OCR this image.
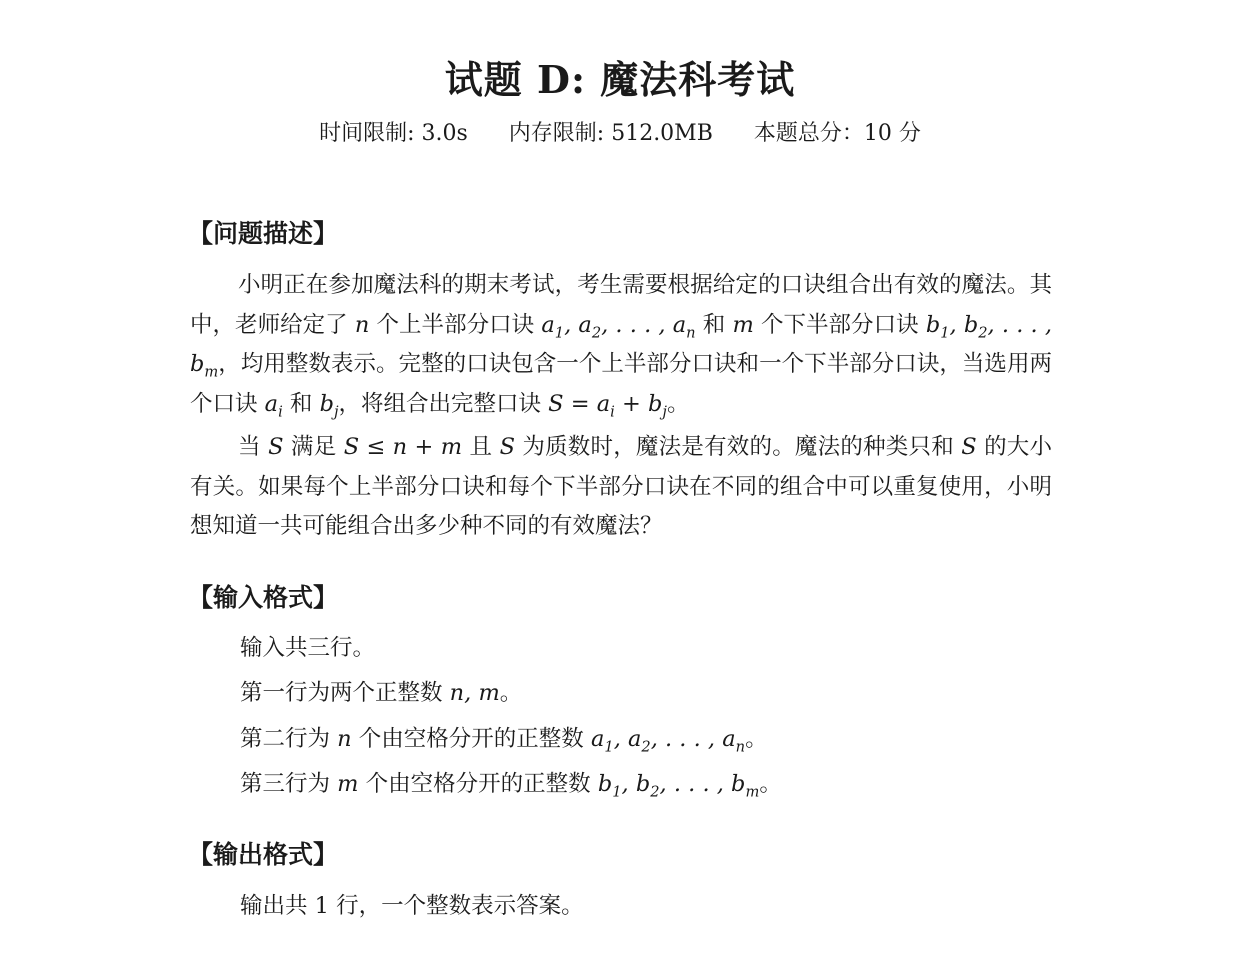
试题 D: 魔法科考试
时间限制: 3.0s 内存限制: 512.0MB 本题总分：10 分
【问题描述】
小明正在参加魔法科的期末考试，考生需要根据给定的口诀组合出有效的魔法。其中，老师给定了 n 个上半部分口诀 $a_1$, $a_2$, . . . , $a_n$ 和 m 个下半部分口诀 $b_1$, $b_2$, . . . , $b_m$，均用整数表示。完整的口诀包含一个上半部分口诀和一个下半部分口诀，当选用两个口诀 $a_i$ 和 $b_j$，将组合出完整口诀 $S = a_i + b_j$。
当 S 满足 S ≤ n + m 且 S 为质数时，魔法是有效的。魔法的种类只和 S 的大小有关。如果每个上半部分口诀和每个下半部分口诀在不同的组合中可以重复使用，小明想知道一共可能组合出多少种不同的有效魔法？
【输入格式】
输入共三行。
第一行为两个正整数 n, m。
第二行为 n 个由空格分开的正整数 $a_1$, $a_2$, . . . , $a_n$。
第三行为 m 个由空格分开的正整数 $b_1$, $b_2$, . . . , $b_m$。
【输出格式】
输出共 1 行，一个整数表示答案。
